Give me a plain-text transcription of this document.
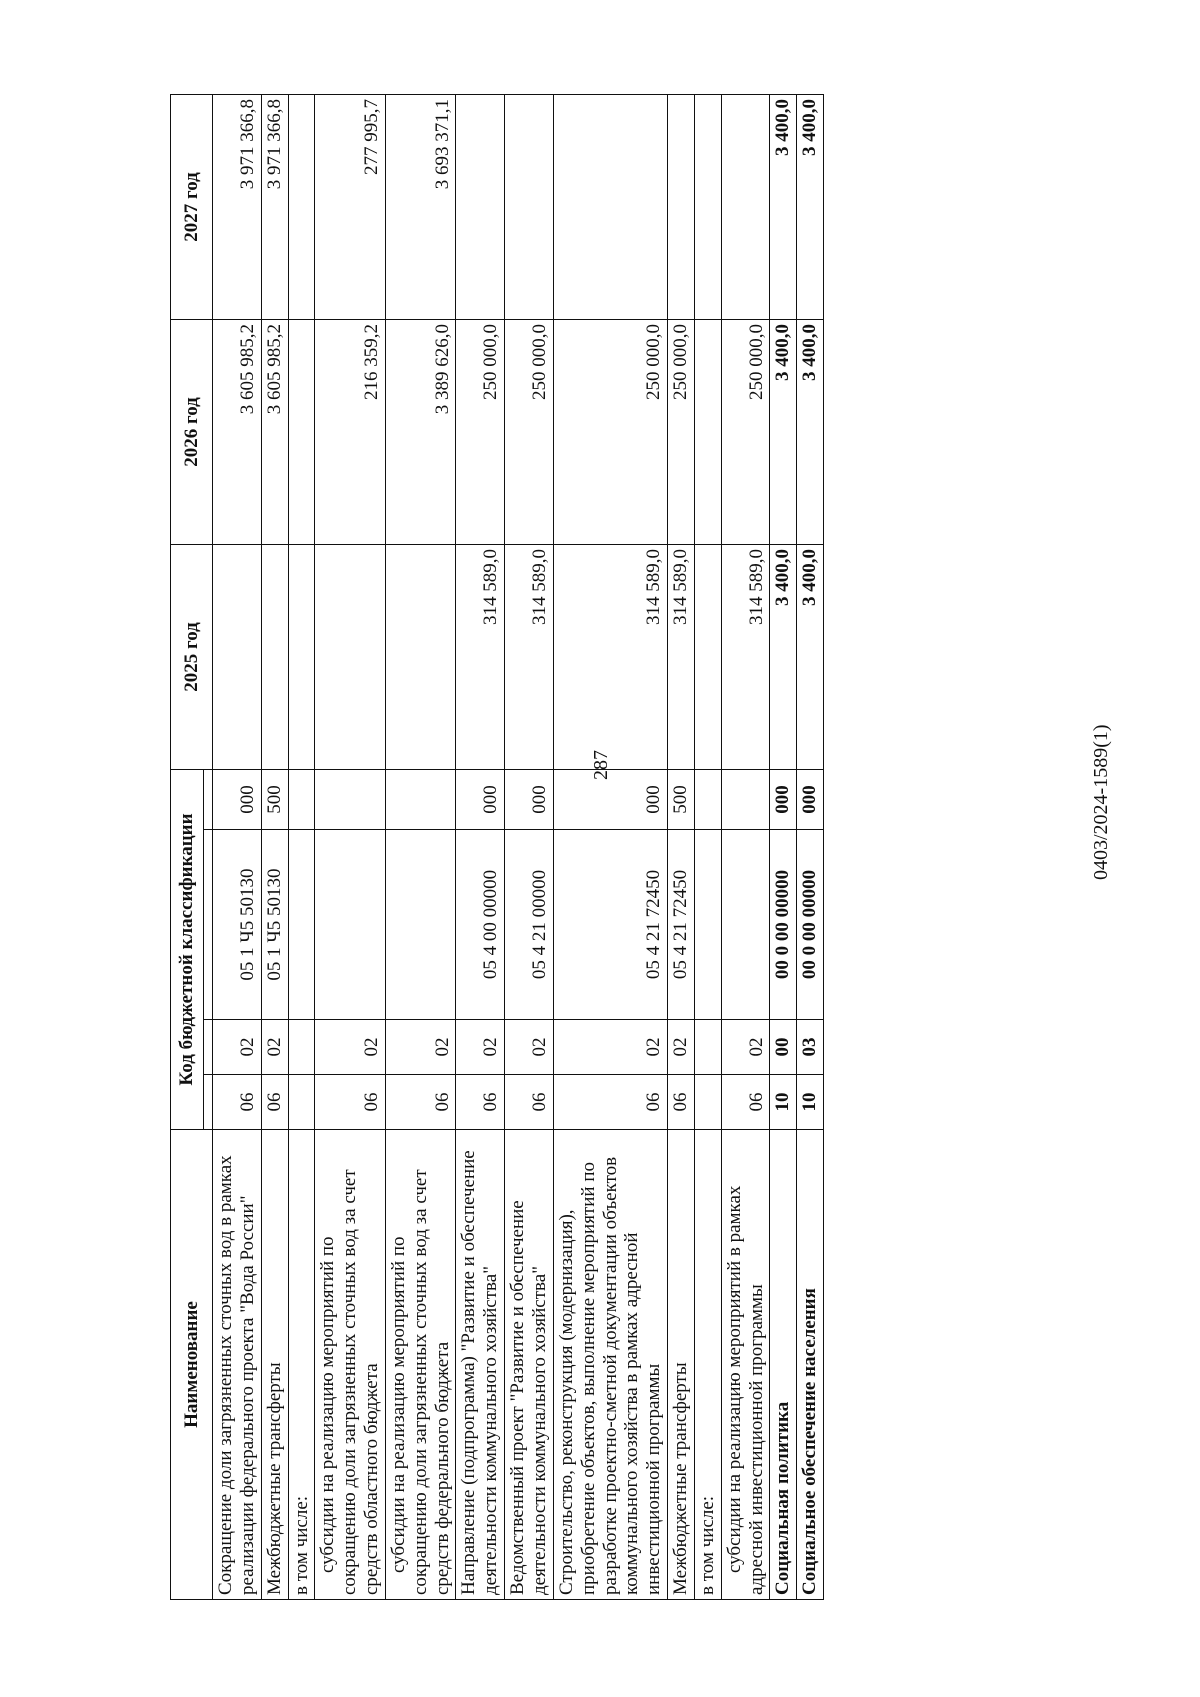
287
Наименование	Код бюджетной классификации				2025 год	2026 год	2027 год

Сокращение доли загрязненных сточных вод в рамках реализации федерального проекта "Вода России"	06	02	05 1 Ч5 50130	000		3 605 985,2	3 971 366,8
Межбюджетные трансферты	06	02	05 1 Ч5 50130	500		3 605 985,2	3 971 366,8
в том числе:							
субсидии на реализацию мероприятий по сокращению доли загрязненных сточных вод за счет средств областного бюджета	06	02				216 359,2	277 995,7
субсидии на реализацию мероприятий по сокращению доли загрязненных сточных вод за счет средств федерального бюджета	06	02				3 389 626,0	3 693 371,1
Направление (подпрограмма) "Развитие и обеспечение деятельности коммунального хозяйства"	06	02	05 4 00 00000	000	314 589,0	250 000,0	
Ведомственный проект "Развитие и обеспечение деятельности коммунального хозяйства"	06	02	05 4 21 00000	000	314 589,0	250 000,0	
Строительство, реконструкция (модернизация), приобретение объектов, выполнение мероприятий по разработке проектно-сметной документации объектов коммунального хозяйства в рамках адресной инвестиционной программы	06	02	05 4 21 72450	000	314 589,0	250 000,0	
Межбюджетные трансферты	06	02	05 4 21 72450	500	314 589,0	250 000,0	
в том числе:							
субсидии на реализацию мероприятий в рамках адресной инвестиционной программы	06	02			314 589,0	250 000,0	
Социальная политика	10	00	00 0 00 00000	000	3 400,0	3 400,0	3 400,0
Социальное обеспечение населения	10	03	00 0 00 00000	000	3 400,0	3 400,0	3 400,0
0403/2024-1589(1)
